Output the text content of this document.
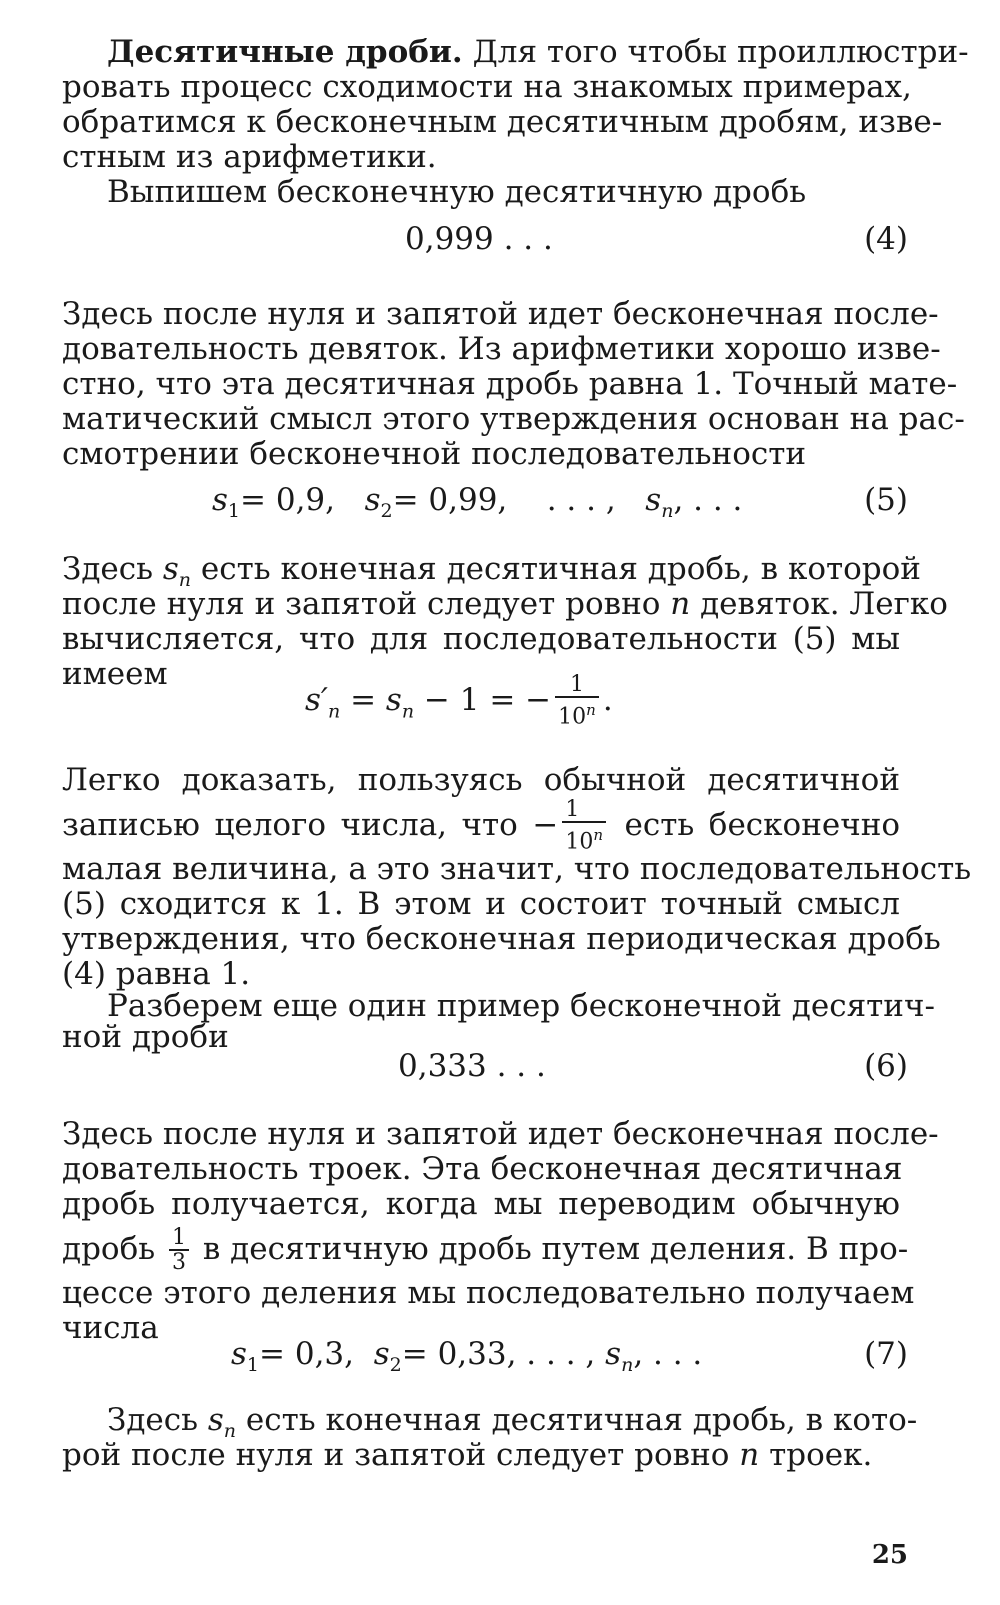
Десятичные дроби. Для того чтобы проиллюстри-
ровать процесс сходимости на знакомых примерах,
обратимся к бесконечным десятичным дробям, изве-
стным из арифметики.
Выпишем бесконечную десятичную дробь
0,999 . . .	(4)
Здесь после нуля и запятой идет бесконечная после-
довательность девяток. Из арифметики хорошо изве-
стно, что эта десятичная дробь равна 1. Точный мате-
матический смысл этого утверждения основан на рас-
смотрении бесконечной последовательности
$s_1= 0,9$, $s_2= 0,99$, . . . , $s_n$, . . .	(5)
Здесь $s_n$ есть конечная десятичная дробь, в которой
после нуля и запятой следует ровно n девяток. Легко
вычисляется, что для последовательности (5) мы
имеем
$s'_n = s_n - 1$ = − $\frac{1}{10^n}$ .
Легко доказать, пользуясь обычной десятичной
записью целого числа, что − $\frac{1}{10^n}$ есть бесконечно
малая величина, а это значит, что последовательность
(5) сходится к 1. В этом и состоит точный смысл
утверждения, что бесконечная периодическая дробь
(4) равна 1.
Разберем еще один пример бесконечной десятич-
ной дроби
0,333 . . .	(6)
Здесь после нуля и запятой идет бесконечная после-
довательность троек. Эта бесконечная десятичная
дробь получается, когда мы переводим обычную
дробь $\frac{1}{3}$ в десятичную дробь путем деления. В про-
цессе этого деления мы последовательно получаем
числа
$s_1= 0,3$, $s_2= 0,33$, . . . , $s_n$, . . .	(7)
Здесь $s_n$ есть конечная десятичная дробь, в кото-
рой после нуля и запятой следует ровно n троек.
25
